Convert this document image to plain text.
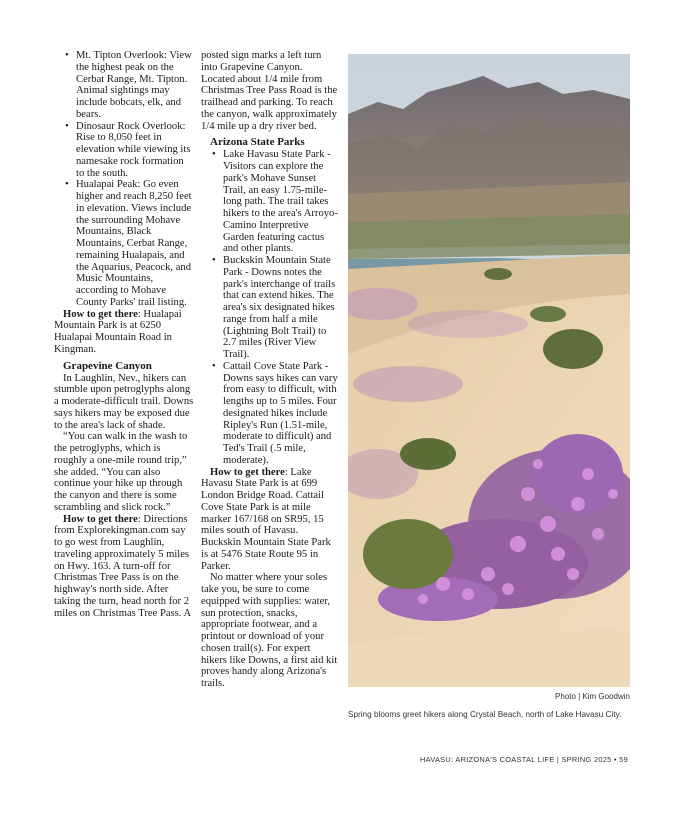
• Mt. Tipton Overlook: View the highest peak on the Cerbat Range, Mt. Tipton. Animal sightings may include bobcats, elk, and bears.
• Dinosaur Rock Overlook: Rise to 8,050 feet in elevation while viewing its namesake rock formation to the south.
• Hualapai Peak: Go even higher and reach 8,250 feet in elevation. Views include the surrounding Mohave Mountains, Black Mountains, Cerbat Range, remaining Hualapais, and the Aquarius, Peacock, and Music Mountains, according to Mohave County Parks' trail listing.

How to get there: Hualapai Mountain Park is at 6250 Hualapai Mountain Road in Kingman.

Grapevine Canyon

In Laughlin, Nev., hikers can stumble upon petroglyphs along a moderate-difficult trail. Downs says hikers may be exposed due to the area's lack of shade.

“You can walk in the wash to the petroglyphs, which is roughly a one-mile round trip,” she added. “You can also continue your hike up through the canyon and there is some scrambling and slick rock.”

How to get there: Directions from Explorekingman.com say to go west from Laughlin, traveling approximately 5 miles on Hwy. 163. A turn-off for Christmas Tree Pass is on the highway's north side. After taking the turn, head north for 2 miles on Christmas Tree Pass. A

posted sign marks a left turn into Grapevine Canyon. Located about 1/4 mile from Christmas Tree Pass Road is the trailhead and parking. To reach the canyon, walk approximately 1/4 mile up a dry river bed.

Arizona State Parks
• Lake Havasu State Park - Visitors can explore the park's Mohave Sunset Trail, an easy 1.75-mile-long path. The trail takes hikers to the area's Arroyo-Camino Interpretive Garden featuring cactus and other plants.
• Buckskin Mountain State Park - Downs notes the park's interchange of trails that can extend hikes. The area's six designated hikes range from half a mile (Lightning Bolt Trail) to 2.7 miles (River View Trail).
• Cattail Cove State Park - Downs says hikes can vary from easy to difficult, with lengths up to 5 miles. Four designated hikes include Ripley's Run (1.51-mile, moderate to difficult) and Ted's Trail (.5 mile, moderate).

How to get there: Lake Havasu State Park is at 699 London Bridge Road. Cattail Cove State Park is at mile marker 167/168 on SR95, 15 miles south of Havasu. Buckskin Mountain State Park is at 5476 State Route 95 in Parker.

No matter where your soles take you, be sure to come equipped with supplies: water, sun protection, snacks, appropriate footwear, and a printout or download of your chosen trail(s). For expert hikers like Downs, a first aid kit proves handy along Arizona's trails.

Photo | Kim Goodwin
Spring blooms greet hikers along Crystal Beach, north of Lake Havasu City.
HAVASU: ARIZONA'S COASTAL LIFE | SPRING 2025 • 59
